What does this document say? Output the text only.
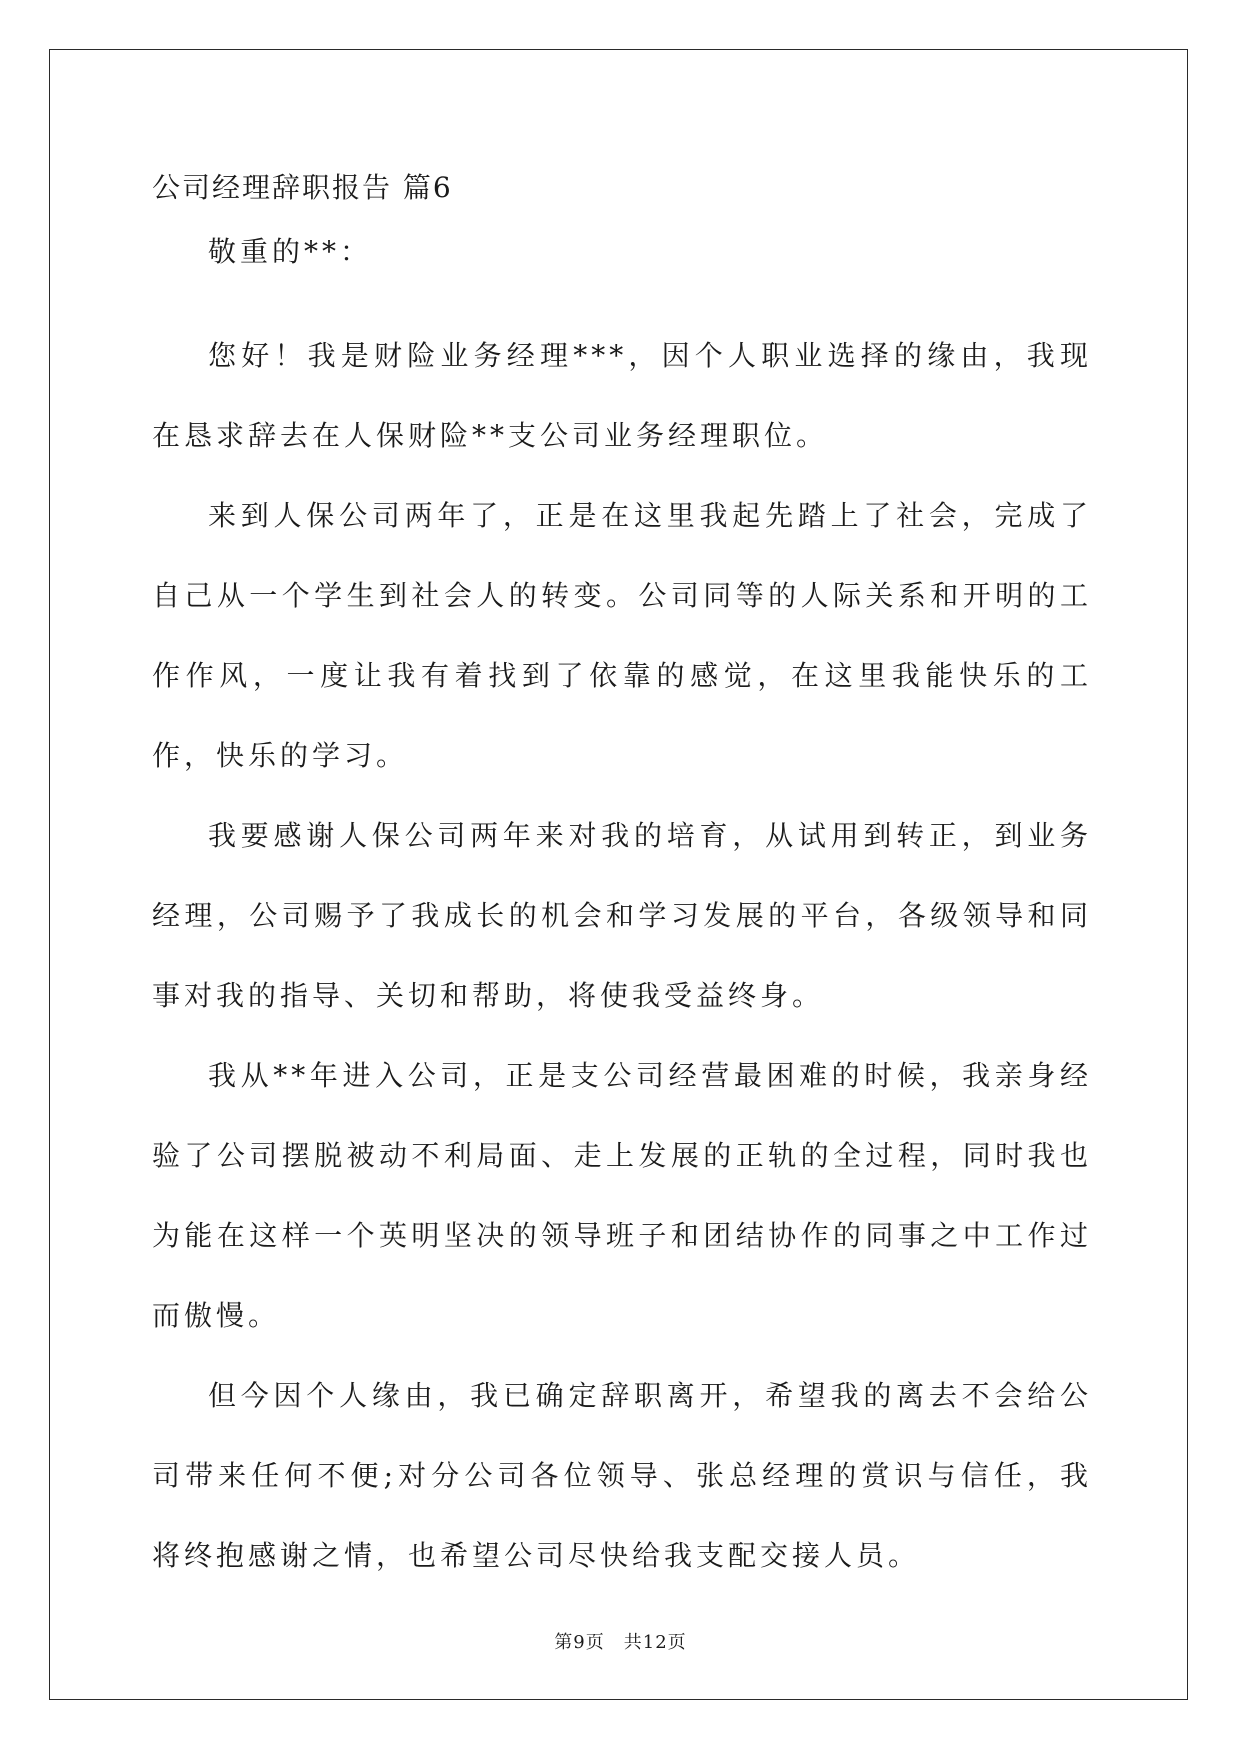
公司经理辞职报告 篇6

敬重的**：

您好！我是财险业务经理***，因个人职业选择的缘由，我现在恳求辞去在人保财险**支公司业务经理职位。

来到人保公司两年了，正是在这里我起先踏上了社会，完成了自己从一个学生到社会人的转变。公司同等的人际关系和开明的工作作风，一度让我有着找到了依靠的感觉，在这里我能快乐的工作，快乐的学习。

我要感谢人保公司两年来对我的培育，从试用到转正，到业务经理，公司赐予了我成长的机会和学习发展的平台，各级领导和同事对我的指导、关切和帮助，将使我受益终身。

我从**年进入公司，正是支公司经营最困难的时候，我亲身经验了公司摆脱被动不利局面、走上发展的正轨的全过程，同时我也为能在这样一个英明坚决的领导班子和团结协作的同事之中工作过而傲慢。

但今因个人缘由，我已确定辞职离开，希望我的离去不会给公司带来任何不便;对分公司各位领导、张总经理的赏识与信任，我将终抱感谢之情，也希望公司尽快给我支配交接人员。

第9页　共12页
